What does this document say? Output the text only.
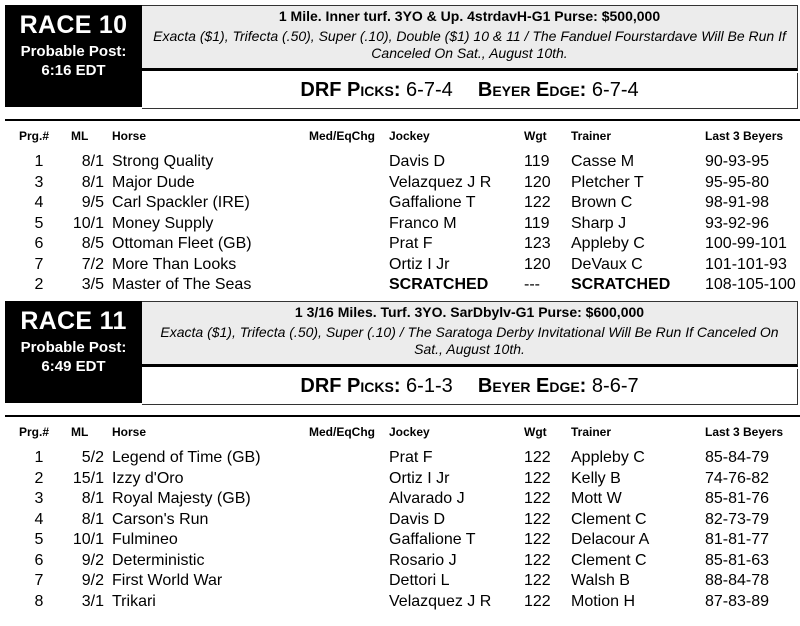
RACE 10
Probable Post:
6:16 EDT
1 Mile. Inner turf. 3YO & Up. 4strdavH-G1 Purse: $500,000
Exacta ($1), Trifecta (.50), Super (.10), Double ($1) 10 & 11 / The Fanduel Fourstardave Will Be Run If Canceled On Sat., August 10th.
DRF Picks: 6-7-4 Beyer Edge: 6-7-4
Prg.# ML	Horse	Med/EqChg Jockey	Wgt Trainer	Last 3 Beyers
1	8/1 Strong Quality	Davis D	119 Casse M	90-93-95
3	8/1 Major Dude	Velazquez J R 120 Pletcher T	95-95-80
4	9/5 Carl Spackler (IRE)	Gaffalione T	122 Brown C	98-91-98
5	10/1 Money Supply	Franco M	119 Sharp J	93-92-96
6	8/5 Ottoman Fleet (GB)	Prat F	123 Appleby C	100-99-101
7	7/2 More Than Looks	Ortiz I Jr	120 DeVaux C	101-101-93
2	3/5 Master of The Seas	SCRATCHED --- SCRATCHED 108-105-100
RACE 11
Probable Post:
6:49 EDT
1 3/16 Miles. Turf. 3YO. SarDbylv-G1 Purse: $600,000
Exacta ($1), Trifecta (.50), Super (.10) / The Saratoga Derby Invitational Will Be Run If Canceled On Sat., August 10th.
DRF Picks: 6-1-3 Beyer Edge: 8-6-7
Prg.# ML	Horse	Med/EqChg Jockey	Wgt Trainer	Last 3 Beyers
1	5/2 Legend of Time (GB)	Prat F	122 Appleby C	85-84-79
2	15/1 Izzy d'Oro	Ortiz I Jr	122 Kelly B	74-76-82
3	8/1 Royal Majesty (GB)	Alvarado J	122 Mott W	85-81-76
4	8/1 Carson's Run	Davis D	122 Clement C	82-73-79
5	10/1 Fulmineo	Gaffalione T	122 Delacour A	81-81-77
6	9/2 Deterministic	Rosario J	122 Clement C	85-81-63
7	9/2 First World War	Dettori L	122 Walsh B	88-84-78
8	3/1 Trikari	Velazquez J R 122 Motion H	87-83-89
